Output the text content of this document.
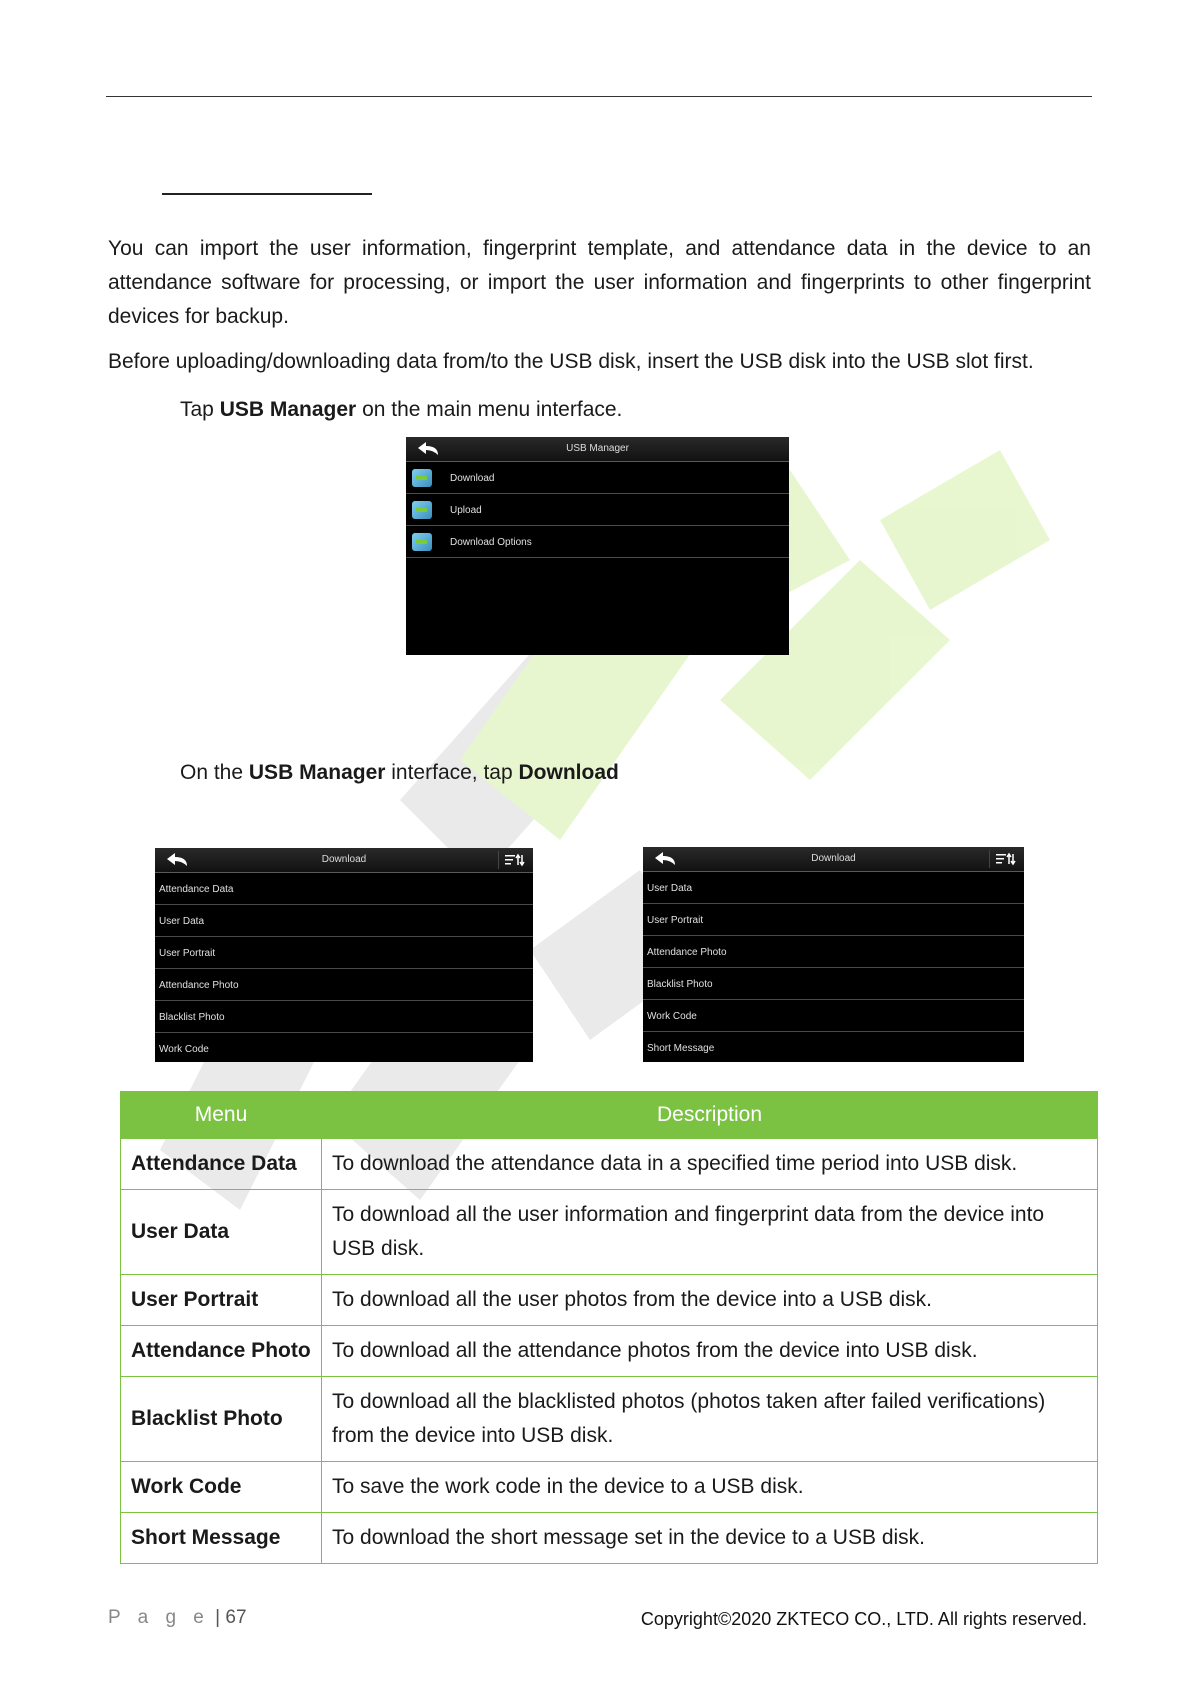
You can import the user information, fingerprint template, and attendance data in the device to an attendance software for processing, or import the user information and fingerprints to other fingerprint devices for backup.
Before uploading/downloading data from/to the USB disk, insert the USB disk into the USB slot first.
Tap USB Manager on the main menu interface.
USB Manager
Download
Upload
Download Options
On the USB Manager interface, tap Download
Download
Attendance Data
User Data
User Portrait
Attendance Photo
Blacklist Photo
Work Code
Download
User Data
User Portrait
Attendance Photo
Blacklist Photo
Work Code
Short Message
Menu	Description
Attendance Data	To download the attendance data in a specified time period into USB disk.
User Data	To download all the user information and fingerprint data from the device into USB disk.
User Portrait	To download all the user photos from the device into a USB disk.
Attendance Photo	To download all the attendance photos from the device into USB disk.
Blacklist Photo	To download all the blacklisted photos (photos taken after failed verifications) from the device into USB disk.
Work Code	To save the work code in the device to a USB disk.
Short Message	To download the short message set in the device to a USB disk.
P a g e | 67	Copyright©2020 ZKTECO CO., LTD. All rights reserved.
